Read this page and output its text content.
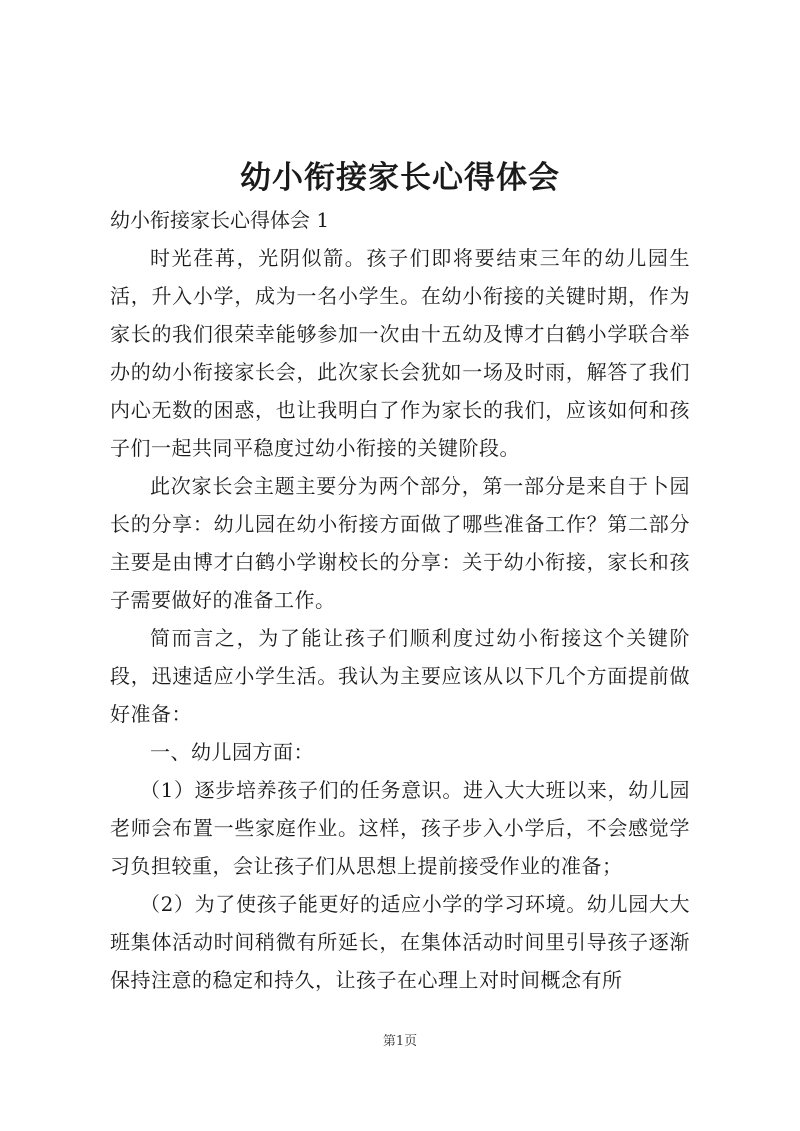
幼小衔接家长心得体会

幼小衔接家长心得体会 1

时光荏苒，光阴似箭。孩子们即将要结束三年的幼儿园生活，升入小学，成为一名小学生。在幼小衔接的关键时期，作为家长的我们很荣幸能够参加一次由十五幼及博才白鹤小学联合举办的幼小衔接家长会，此次家长会犹如一场及时雨，解答了我们内心无数的困惑，也让我明白了作为家长的我们，应该如何和孩子们一起共同平稳度过幼小衔接的关键阶段。

此次家长会主题主要分为两个部分，第一部分是来自于卜园长的分享：幼儿园在幼小衔接方面做了哪些准备工作？第二部分主要是由博才白鹤小学谢校长的分享：关于幼小衔接，家长和孩子需要做好的准备工作。

简而言之，为了能让孩子们顺利度过幼小衔接这个关键阶段，迅速适应小学生活。我认为主要应该从以下几个方面提前做好准备：

一、幼儿园方面：

（1）逐步培养孩子们的任务意识。进入大大班以来，幼儿园老师会布置一些家庭作业。这样，孩子步入小学后，不会感觉学习负担较重，会让孩子们从思想上提前接受作业的准备；

（2）为了使孩子能更好的适应小学的学习环境。幼儿园大大班集体活动时间稍微有所延长，在集体活动时间里引导孩子逐渐保持注意的稳定和持久，让孩子在心理上对时间概念有所

第1页
